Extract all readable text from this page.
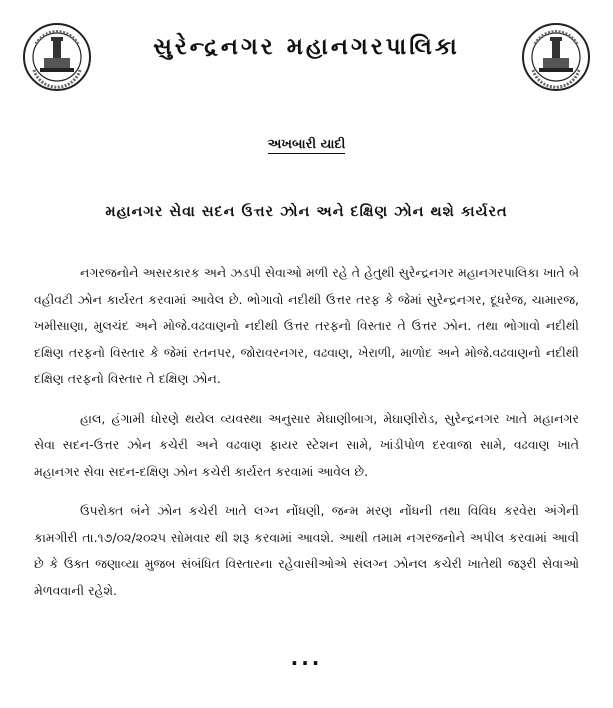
સુરેન્દ્રનગર મહાનગરપાલિકા
અખબારી યાદી
મહાનગર સેવા સદન ઉત્તર ઝોન અને દક્ષિણ ઝોન થશે કાર્યરત

નગરજનોને અસરકારક અને ઝડપી સેવાઓ મળી રહે તે હેતુથી સુરેન્દ્રનગર મહાનગરપાલિકા ખાતે બે વહીવટી ઝોન કાર્યરત કરવામાં આવેલ છે. ભોગાવો નદીથી ઉત્તર તરફ કે જેમાં સુરેન્દ્રનગર, દૂધરેજ, ચામારજ, ખમીસાણા, મુલચંદ અને મોજે.વઢવાણનો નદીથી ઉત્તર તરફનો વિસ્તાર તે ઉત્તર ઝોન. તથા ભોગાવો નદીથી દક્ષિણ તરફનો વિસ્તાર કે જેમાં રતનપર, જોરાવરનગર, વઢવાણ, ખેરાળી, માળોદ અને મોજે.વઢવાણનો નદીથી દક્ષિણ તરફનો વિસ્તાર તે દક્ષિણ ઝોન.

હાલ, હંગામી ધોરણે થયેલ વ્યવસ્થા અનુસાર મેઘાણીબાગ, મેઘાણીરોડ, સુરેન્દ્રનગર ખાતે મહાનગર સેવા સદન-ઉત્તર ઝોન કચેરી અને વઢવાણ ફાયર સ્ટેશન સામે, ખાંડીપોળ દરવાજા સામે, વઢવાણ ખાતે મહાનગર સેવા સદન-દક્ષિણ ઝોન કચેરી કાર્યરત કરવામાં આવેલ છે.

ઉપરોક્ત બંને ઝોન કચેરી ખાતે લગ્ન નોંધણી, જન્મ મરણ નોંધની તથા વિવિધ કરવેરા અંગેની કામગીરી તા.૧૭/૦૨/૨૦૨૫ સોમવાર થી શરૂ કરવામાં આવશે. આથી તમામ નગરજનોને અપીલ કરવામાં આવી છે કે ઉક્ત જણાવ્યા મુજબ સંબંધિત વિસ્તારના રહેવાસીઓએ સંલગ્ન ઝોનલ કચેરી ખાતેથી જરૂરી સેવાઓ મેળવવાની રહેશે.

...
